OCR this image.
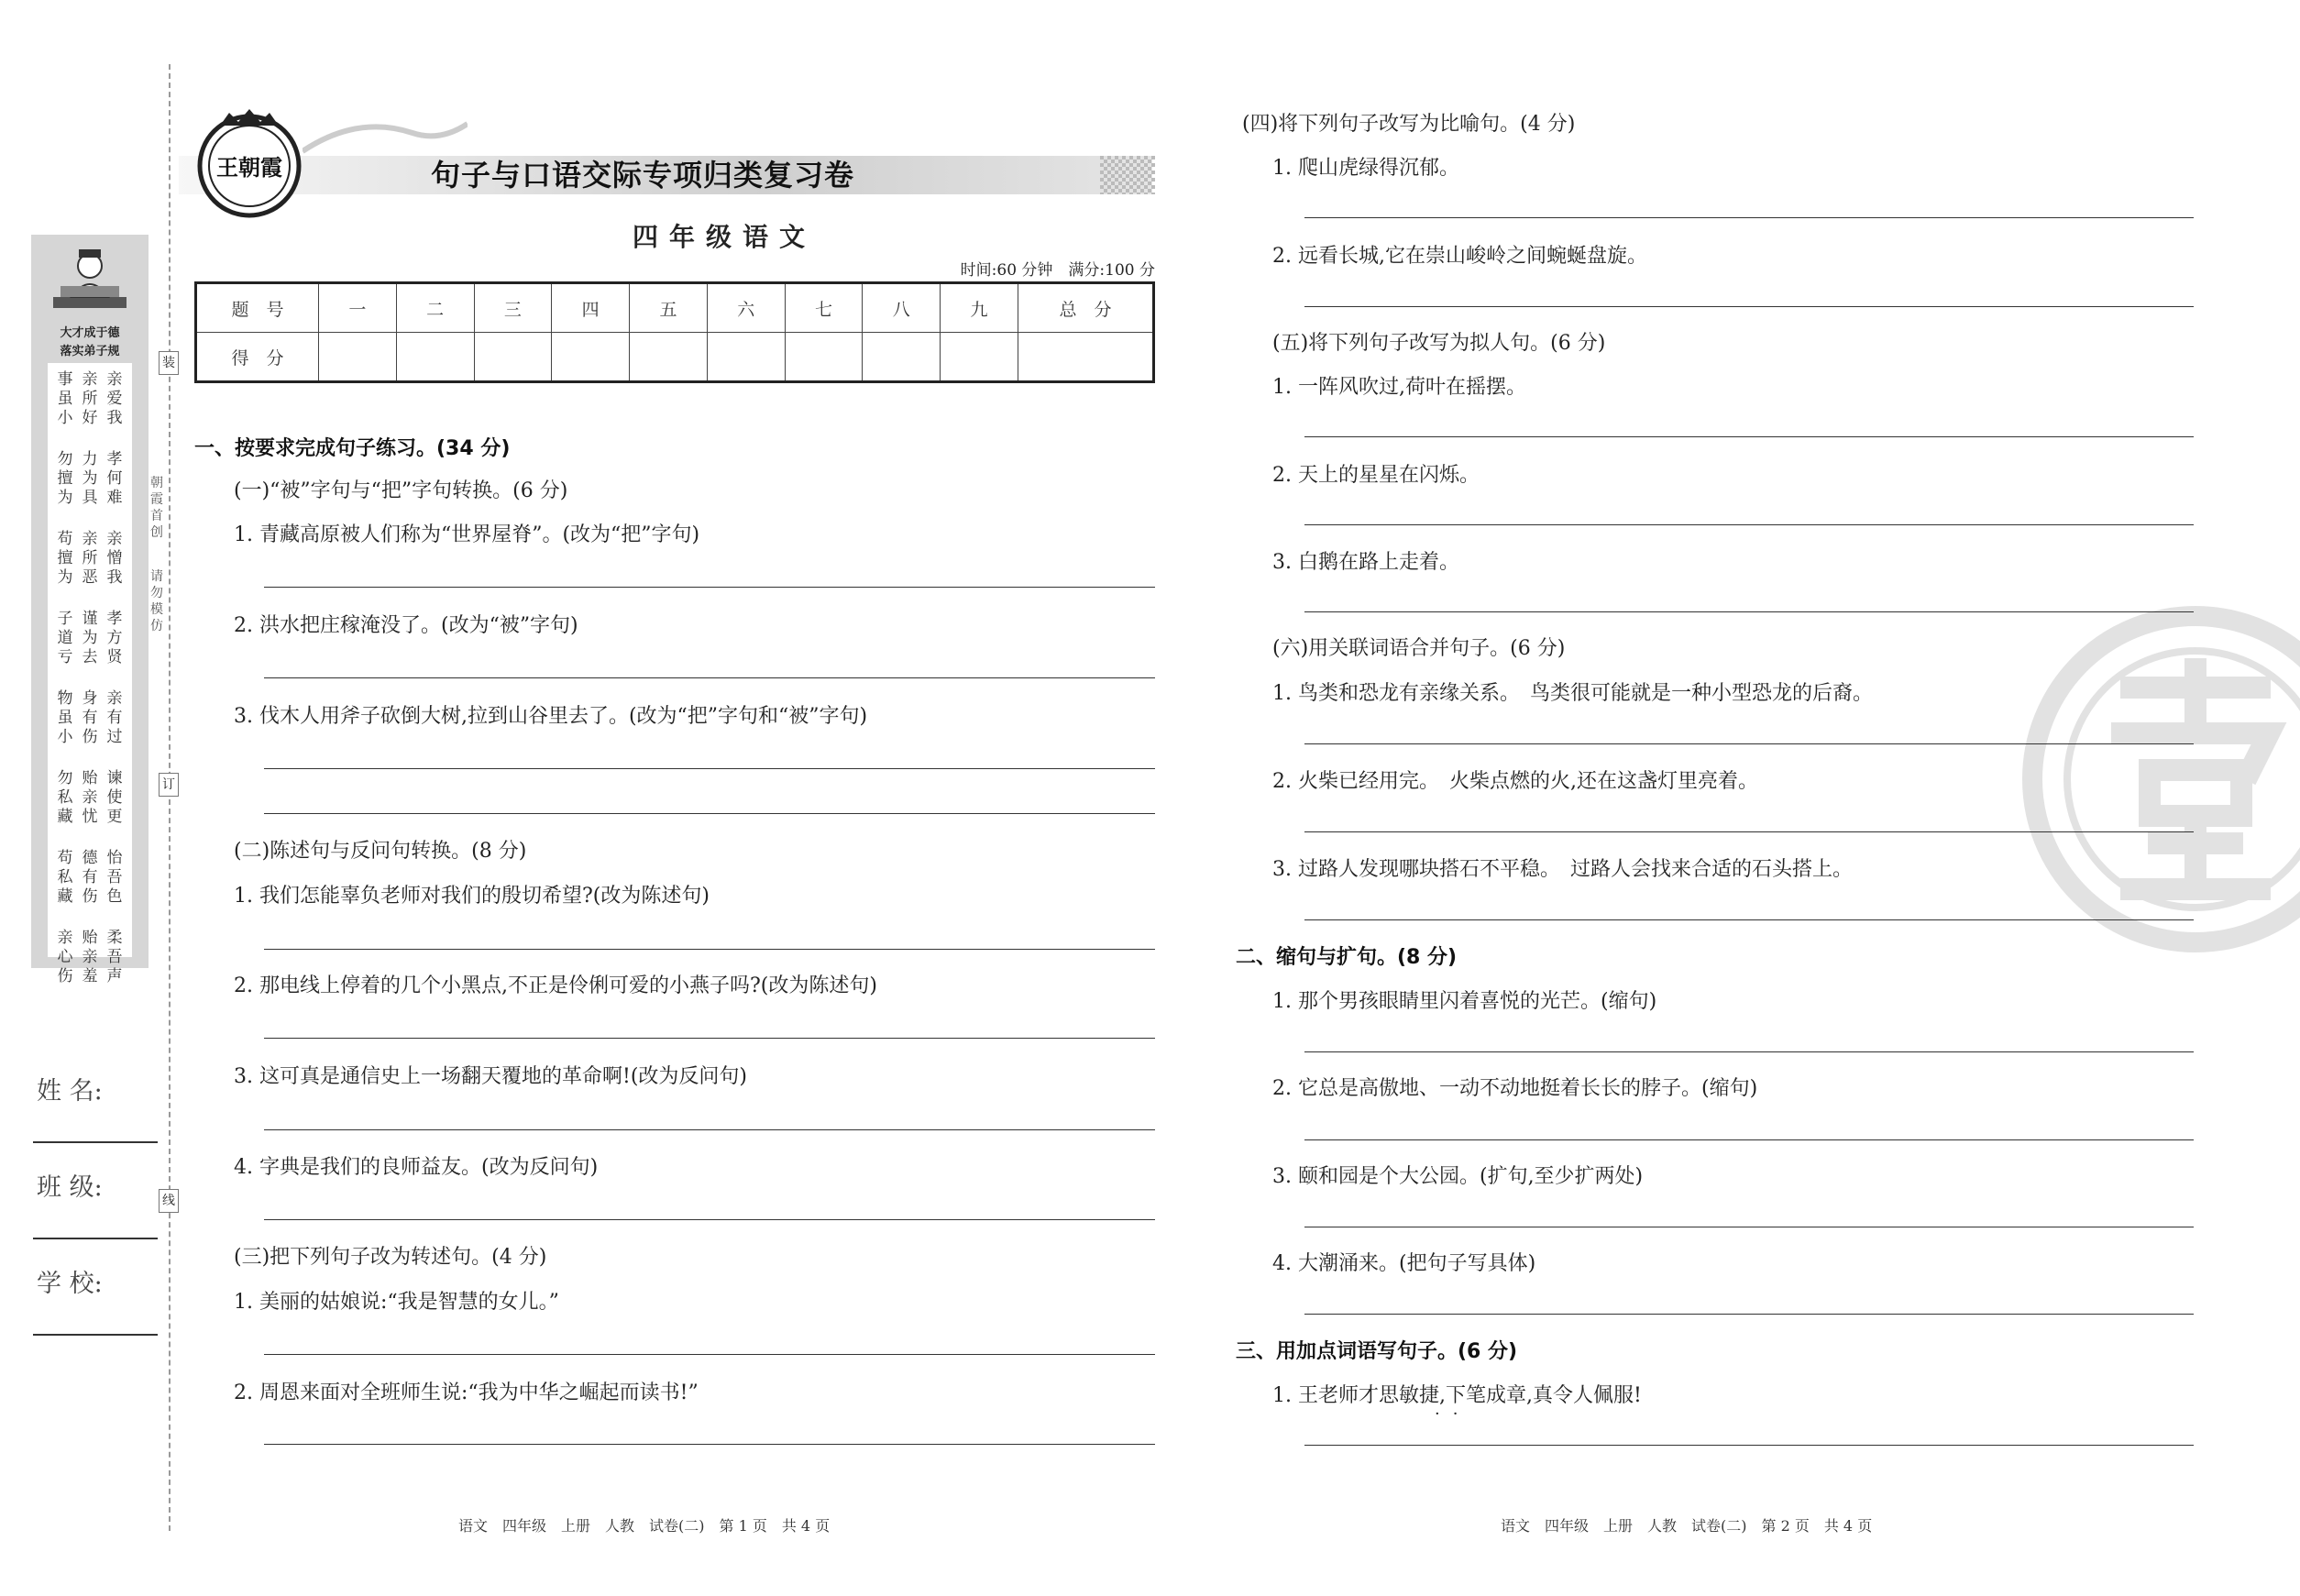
大才成于德
落实弟子规
亲
爱
我
亲
所
好
事
虽
小
孝
何
难
力
为
具
勿
擅
为
亲
憎
我
亲
所
恶
苟
擅
为
孝
方
贤
谨
为
去
子
道
亏
亲
有
过
身
有
伤
物
虽
小
谏
使
更
贻
亲
忧
勿
私
藏
怡
吾
色
德
有
伤
苟
私
藏
柔
吾
声
贻
亲
羞
亲
心
伤
装
订
线
朝
霞
首
创
请
勿
模
仿
姓 名:
班 级:
学 校:
王朝霞	句子与口语交际专项归类复习卷
四年级语文
时间:60 分钟　满分:100 分
题　号	一	二	三	四	五	六	七	八	九	总　分
得　分										
一、按要求完成句子练习。(34 分)
(一)“被”字句与“把”字句转换。(6 分)
1. 青藏高原被人们称为“世界屋脊”。(改为“把”字句)
2. 洪水把庄稼淹没了。(改为“被”字句)
3. 伐木人用斧子砍倒大树,拉到山谷里去了。(改为“把”字句和“被”字句)
(二)陈述句与反问句转换。(8 分)
1. 我们怎能辜负老师对我们的殷切希望?(改为陈述句)
2. 那电线上停着的几个小黑点,不正是伶俐可爱的小燕子吗?(改为陈述句)
3. 这可真是通信史上一场翻天覆地的革命啊!(改为反问句)
4. 字典是我们的良师益友。(改为反问句)
(三)把下列句子改为转述句。(4 分)
1. 美丽的姑娘说:“我是智慧的女儿。”
2. 周恩来面对全班师生说:“我为中华之崛起而读书!”
语文　四年级　上册　人教　试卷(二)　第 1 页　共 4 页
(四)将下列句子改写为比喻句。(4 分)
1. 爬山虎绿得沉郁。
2. 远看长城,它在崇山峻岭之间蜿蜒盘旋。
(五)将下列句子改写为拟人句。(6 分)
1. 一阵风吹过,荷叶在摇摆。
2. 天上的星星在闪烁。
3. 白鹅在路上走着。
(六)用关联词语合并句子。(6 分)
1. 鸟类和恐龙有亲缘关系。　鸟类很可能就是一种小型恐龙的后裔。
2. 火柴已经用完。　火柴点燃的火,还在这盏灯里亮着。
3. 过路人发现哪块搭石不平稳。　过路人会找来合适的石头搭上。
二、缩句与扩句。(8 分)
1. 那个男孩眼睛里闪着喜悦的光芒。(缩句)
2. 它总是高傲地、一动不动地挺着长长的脖子。(缩句)
3. 颐和园是个大公园。(扩句,至少扩两处)
4. 大潮涌来。(把句子写具体)
三、用加点词语写句子。(6 分)
1. 王老师才思敏捷,下笔成章,真令人佩服!
··
语文　四年级　上册　人教　试卷(二)　第 2 页　共 4 页
